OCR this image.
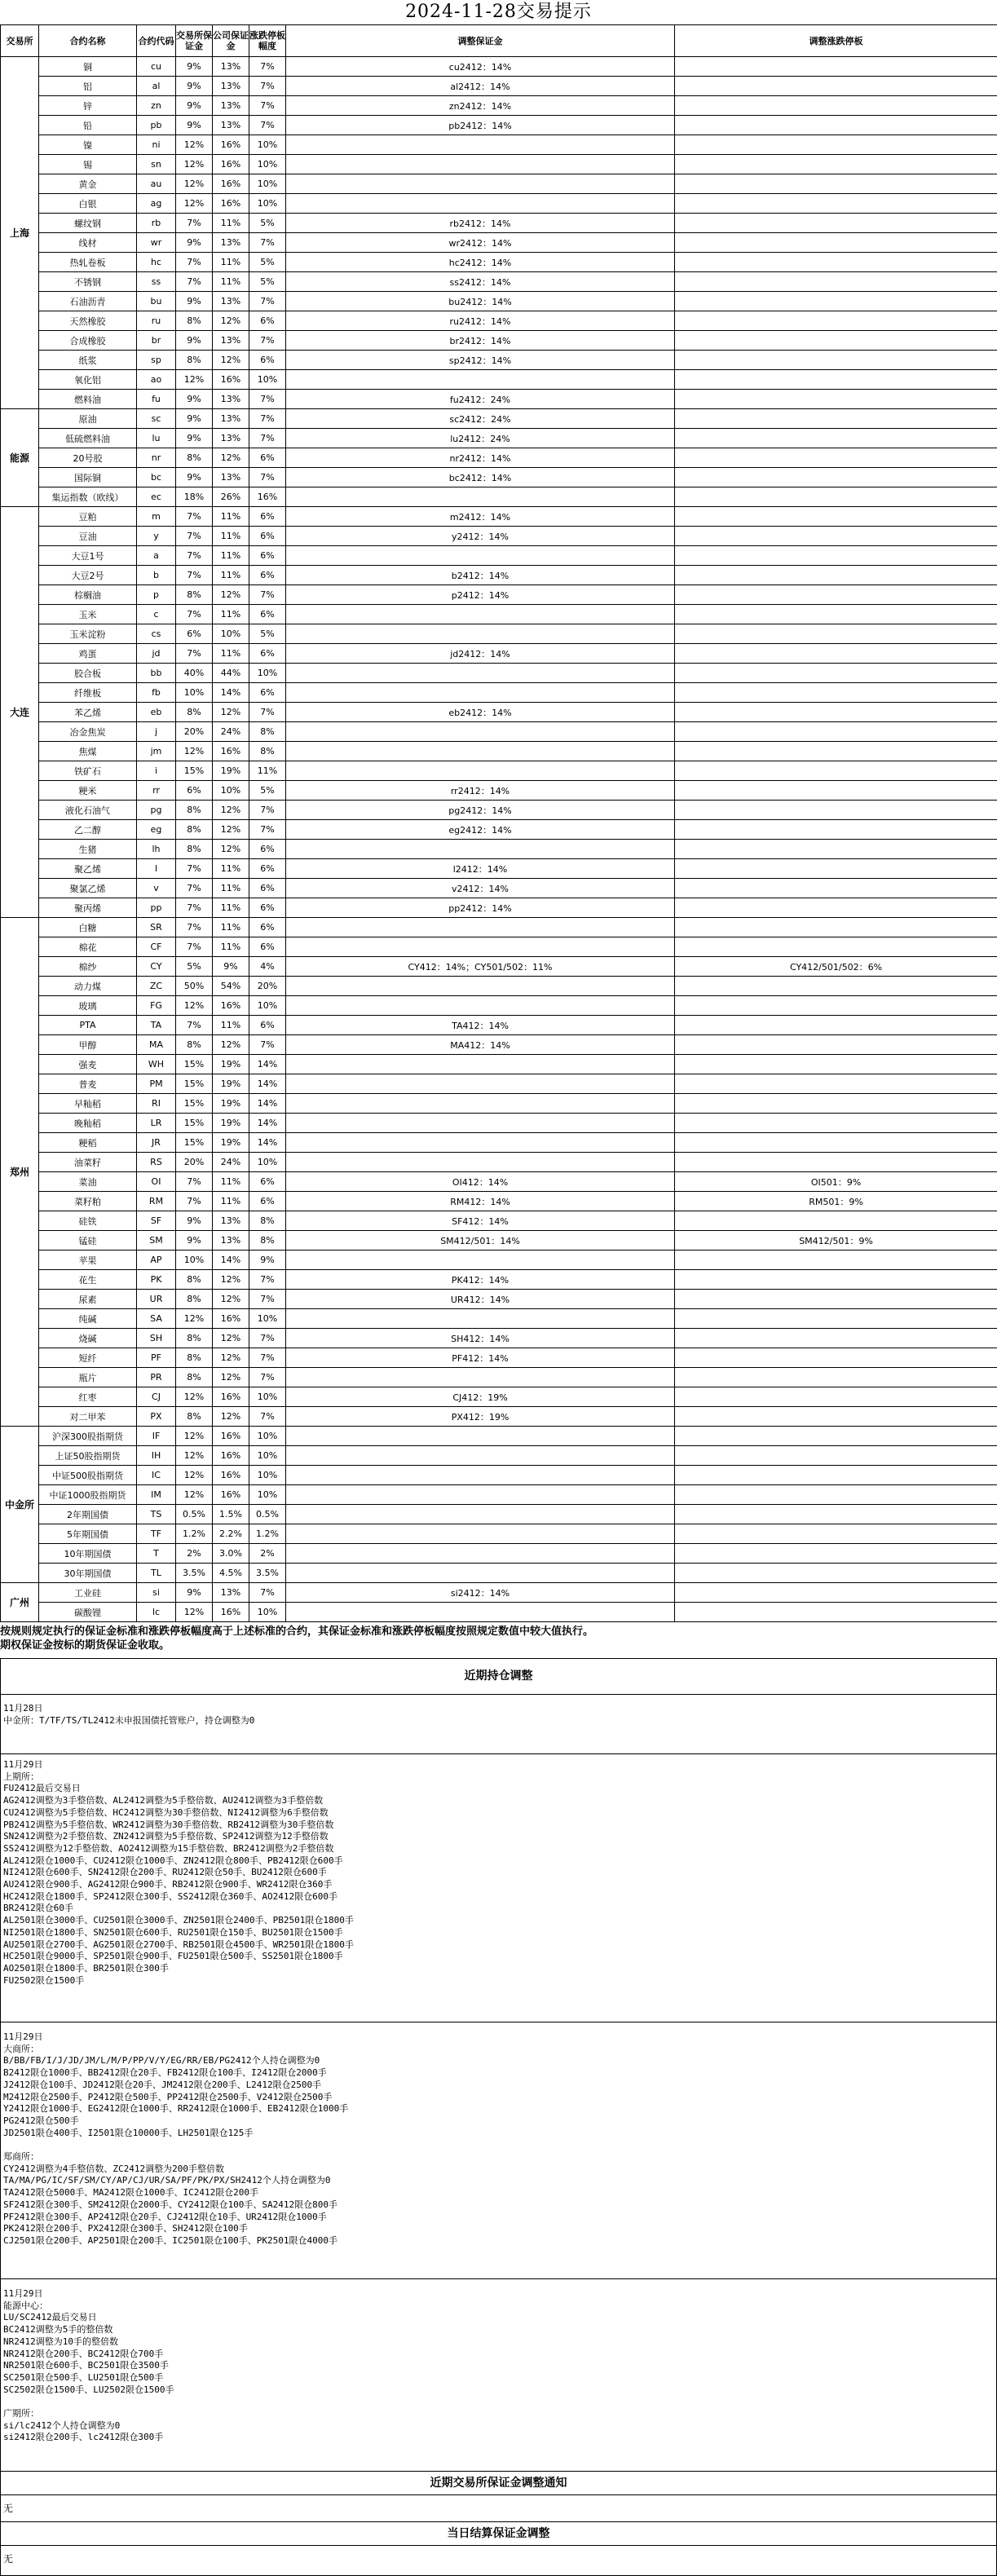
2024-11-28交易提示
交易所	合约名称	合约代码	交易所保证金	公司保证金	涨跌停板幅度	调整保证金	调整涨跌停板
上海	铜	cu	9%	13%	7%	cu2412：14%	
	铝	al	9%	13%	7%	al2412：14%	
	锌	zn	9%	13%	7%	zn2412：14%	
	铅	pb	9%	13%	7%	pb2412：14%	
	镍	ni	12%	16%	10%		
	锡	sn	12%	16%	10%		
	黄金	au	12%	16%	10%		
	白银	ag	12%	16%	10%		
	螺纹钢	rb	7%	11%	5%	rb2412：14%	
	线材	wr	9%	13%	7%	wr2412：14%	
	热轧卷板	hc	7%	11%	5%	hc2412：14%	
	不锈钢	ss	7%	11%	5%	ss2412：14%	
	石油沥青	bu	9%	13%	7%	bu2412：14%	
	天然橡胶	ru	8%	12%	6%	ru2412：14%	
	合成橡胶	br	9%	13%	7%	br2412：14%	
	纸浆	sp	8%	12%	6%	sp2412：14%	
	氧化铝	ao	12%	16%	10%		
	燃料油	fu	9%	13%	7%	fu2412：24%	
能源	原油	sc	9%	13%	7%	sc2412：24%	
	低硫燃料油	lu	9%	13%	7%	lu2412：24%	
	20号胶	nr	8%	12%	6%	nr2412：14%	
	国际铜	bc	9%	13%	7%	bc2412：14%	
	集运指数（欧线）	ec	18%	26%	16%		
大连	豆粕	m	7%	11%	6%	m2412：14%	
	豆油	y	7%	11%	6%	y2412：14%	
	大豆1号	a	7%	11%	6%		
	大豆2号	b	7%	11%	6%	b2412：14%	
	棕榈油	p	8%	12%	7%	p2412：14%	
	玉米	c	7%	11%	6%		
	玉米淀粉	cs	6%	10%	5%		
	鸡蛋	jd	7%	11%	6%	jd2412：14%	
	胶合板	bb	40%	44%	10%		
	纤维板	fb	10%	14%	6%		
	苯乙烯	eb	8%	12%	7%	eb2412：14%	
	冶金焦炭	j	20%	24%	8%		
	焦煤	jm	12%	16%	8%		
	铁矿石	i	15%	19%	11%		
	粳米	rr	6%	10%	5%	rr2412：14%	
	液化石油气	pg	8%	12%	7%	pg2412：14%	
	乙二醇	eg	8%	12%	7%	eg2412：14%	
	生猪	lh	8%	12%	6%		
	聚乙烯	l	7%	11%	6%	l2412：14%	
	聚氯乙烯	v	7%	11%	6%	v2412：14%	
	聚丙烯	pp	7%	11%	6%	pp2412：14%	
郑州	白糖	SR	7%	11%	6%		
	棉花	CF	7%	11%	6%		
	棉纱	CY	5%	9%	4%	CY412：14%；CY501/502：11%	CY412/501/502：6%
	动力煤	ZC	50%	54%	20%		
	玻璃	FG	12%	16%	10%		
	PTA	TA	7%	11%	6%	TA412：14%	
	甲醇	MA	8%	12%	7%	MA412：14%	
	强麦	WH	15%	19%	14%		
	普麦	PM	15%	19%	14%		
	早籼稻	RI	15%	19%	14%		
	晚籼稻	LR	15%	19%	14%		
	粳稻	JR	15%	19%	14%		
	油菜籽	RS	20%	24%	10%		
	菜油	OI	7%	11%	6%	OI412：14%	OI501：9%
	菜籽粕	RM	7%	11%	6%	RM412：14%	RM501：9%
	硅铁	SF	9%	13%	8%	SF412：14%	
	锰硅	SM	9%	13%	8%	SM412/501：14%	SM412/501：9%
	苹果	AP	10%	14%	9%		
	花生	PK	8%	12%	7%	PK412：14%	
	尿素	UR	8%	12%	7%	UR412：14%	
	纯碱	SA	12%	16%	10%		
	烧碱	SH	8%	12%	7%	SH412：14%	
	短纤	PF	8%	12%	7%	PF412：14%	
	瓶片	PR	8%	12%	7%		
	红枣	CJ	12%	16%	10%	CJ412：19%	
	对二甲苯	PX	8%	12%	7%	PX412：19%	
中金所	沪深300股指期货	IF	12%	16%	10%		
	上证50股指期货	IH	12%	16%	10%		
	中证500股指期货	IC	12%	16%	10%		
	中证1000股指期货	IM	12%	16%	10%		
	2年期国债	TS	0.5%	1.5%	0.5%		
	5年期国债	TF	1.2%	2.2%	1.2%		
	10年期国债	T	2%	3.0%	2%		
	30年期国债	TL	3.5%	4.5%	3.5%		
广州	工业硅	si	9%	13%	7%	si2412：14%	
	碳酸锂	lc	12%	16%	10%		
按规则规定执行的保证金标准和涨跌停板幅度高于上述标准的合约，其保证金标准和涨跌停板幅度按照规定数值中较大值执行。
期权保证金按标的期货保证金收取。
近期持仓调整
11月28日
中金所：T/TF/TS/TL2412未申报国债托管账户，持仓调整为0
11月29日
上期所：
FU2412最后交易日
AG2412调整为3手整倍数、AL2412调整为5手整倍数、AU2412调整为3手整倍数
CU2412调整为5手整倍数、HC2412调整为30手整倍数、NI2412调整为6手整倍数
PB2412调整为5手整倍数、WR2412调整为30手整倍数、RB2412调整为30手整倍数
SN2412调整为2手整倍数、ZN2412调整为5手整倍数、SP2412调整为12手整倍数
SS2412调整为12手整倍数、AO2412调整为15手整倍数、BR2412调整为2手整倍数
AL2412限仓1000手、CU2412限仓1000手、ZN2412限仓800手、PB2412限仓600手
NI2412限仓600手、SN2412限仓200手、RU2412限仓50手、BU2412限仓600手
AU2412限仓900手、AG2412限仓900手、RB2412限仓900手、WR2412限仓360手
HC2412限仓1800手、SP2412限仓300手、SS2412限仓360手、AO2412限仓600手
BR2412限仓60手
AL2501限仓3000手、CU2501限仓3000手、ZN2501限仓2400手、PB2501限仓1800手
NI2501限仓1800手、SN2501限仓600手、RU2501限仓150手、BU2501限仓1500手
AU2501限仓2700手、AG2501限仓2700手、RB2501限仓4500手、WR2501限仓1800手
HC2501限仓9000手、SP2501限仓900手、FU2501限仓500手、SS2501限仓1800手
AO2501限仓1800手、BR2501限仓300手
FU2502限仓1500手
11月29日
大商所：
B/BB/FB/I/J/JD/JM/L/M/P/PP/V/Y/EG/RR/EB/PG2412个人持仓调整为0
B2412限仓1000手、BB2412限仓20手、FB2412限仓100手、I2412限仓2000手
J2412限仓100手、JD2412限仓20手、JM2412限仓200手、L2412限仓2500手
M2412限仓2500手、P2412限仓500手、PP2412限仓2500手、V2412限仓2500手
Y2412限仓1000手、EG2412限仓1000手、RR2412限仓1000手、EB2412限仓1000手
PG2412限仓500手
JD2501限仓400手、I2501限仓10000手、LH2501限仓125手

郑商所：
CY2412调整为4手整倍数、ZC2412调整为200手整倍数
TA/MA/PG/IC/SF/SM/CY/AP/CJ/UR/SA/PF/PK/PX/SH2412个人持仓调整为0
TA2412限仓5000手、MA2412限仓1000手、IC2412限仓200手
SF2412限仓300手、SM2412限仓2000手、CY2412限仓100手、SA2412限仓800手
PF2412限仓300手、AP2412限仓20手、CJ2412限仓10手、UR2412限仓1000手
PK2412限仓200手、PX2412限仓300手、SH2412限仓100手
CJ2501限仓200手、AP2501限仓200手、IC2501限仓100手、PK2501限仓4000手
11月29日
能源中心：
LU/SC2412最后交易日
BC2412调整为5手的整倍数
NR2412调整为10手的整倍数
NR2412限仓200手、BC2412限仓700手
NR2501限仓600手、BC2501限仓3500手
SC2501限仓500手、LU2501限仓500手
SC2502限仓1500手、LU2502限仓1500手

广期所：
si/lc2412个人持仓调整为0
si2412限仓200手、lc2412限仓300手
近期交易所保证金调整通知
无
当日结算保证金调整
无
